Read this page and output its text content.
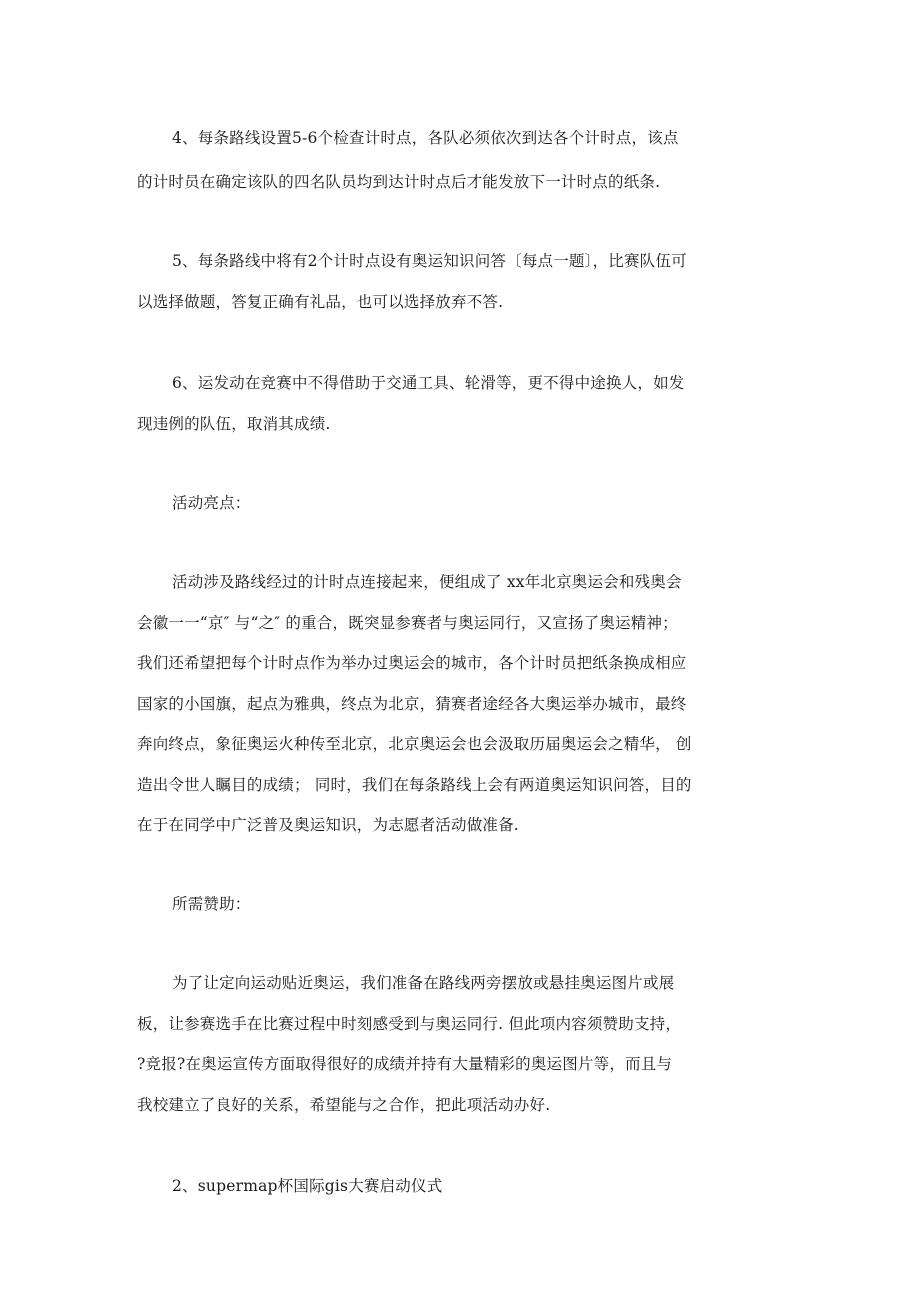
4、每条路线设置5-6个检查计时点，各队必须依次到达各个计时点，该点
的计时员在确定该队的四名队员均到达计时点后才能发放下一计时点的纸条.
5、每条路线中将有2个计时点设有奥运知识问答〔每点一题〕，比赛队伍可
以选择做题，答复正确有礼品，也可以选择放弃不答.
6、运发动在竞赛中不得借助于交通工具、轮滑等，更不得中途换人，如发
现违例的队伍，取消其成绩.
活动亮点：
活动涉及路线经过的计时点连接起来，便组成了 xx年北京奥运会和残奥会
会徽一一“京″ 与“之″ 的重合，既突显参赛者与奥运同行，又宣扬了奥运精神；
我们还希望把每个计时点作为举办过奥运会的城市，各个计时员把纸条换成相应
国家的小国旗，起点为雅典，终点为北京，猜赛者途经各大奥运举办城市，最终
奔向终点，象征奥运火种传至北京，北京奥运会也会汲取历届奥运会之精华， 创
造出令世人瞩目的成绩； 同时，我们在每条路线上会有两道奥运知识问答，目的
在于在同学中广泛普及奥运知识，为志愿者活动做准备.
所需赞助：
为了让定向运动贴近奥运，我们准备在路线两旁摆放或悬挂奥运图片或展
板，让参赛选手在比赛过程中时刻感受到与奥运同行. 但此项内容须赞助支持，
?竞报?在奥运宣传方面取得很好的成绩并持有大量精彩的奥运图片等，而且与
我校建立了良好的关系，希望能与之合作，把此项活动办好.
2、supermap杯国际gis大赛启动仪式
